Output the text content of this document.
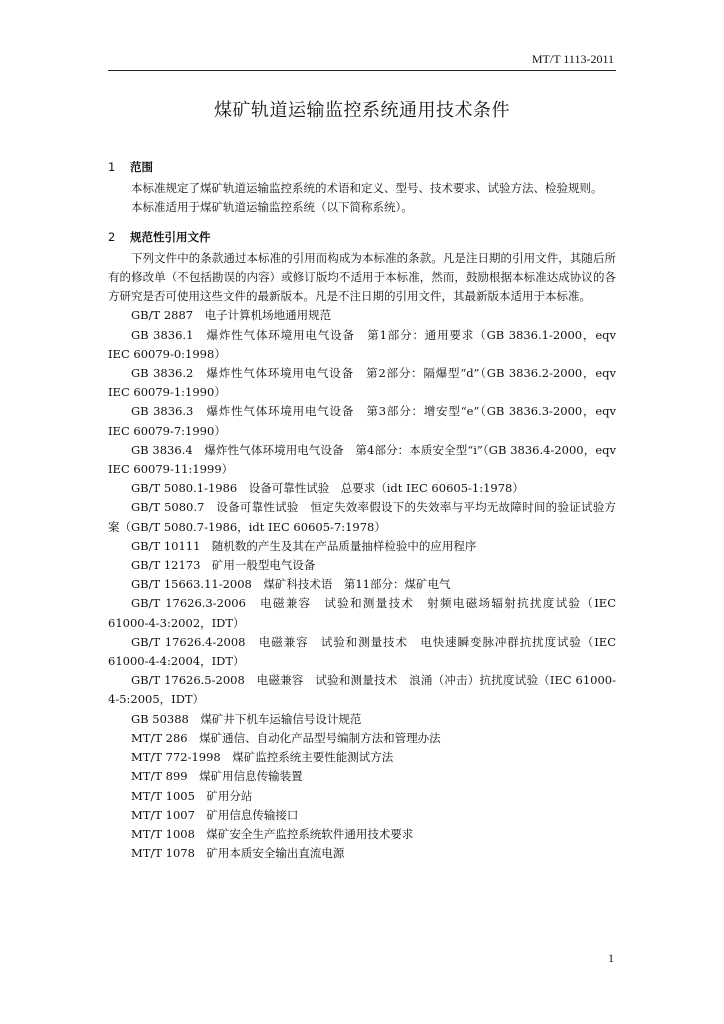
MT/T 1113-2011
煤矿轨道运输监控系统通用技术条件
1 范围

本标准规定了煤矿轨道运输监控系统的术语和定义、型号、技术要求、试验方法、检验规则。

本标准适用于煤矿轨道运输监控系统（以下简称系统）。

2 规范性引用文件

下列文件中的条款通过本标准的引用而构成为本标准的条款。凡是注日期的引用文件，其随后所有的修改单（不包括勘误的内容）或修订版均不适用于本标准，然而，鼓励根据本标准达成协议的各方研究是否可使用这些文件的最新版本。凡是不注日期的引用文件，其最新版本适用于本标准。

GB/T 2887　电子计算机场地通用规范
GB 3836.1　爆炸性气体环境用电气设备　第1部分：通用要求（GB 3836.1-2000，eqv IEC 60079-0:1998）
GB 3836.2　爆炸性气体环境用电气设备　第2部分：隔爆型“d”（GB 3836.2-2000，eqv IEC 60079-1:1990）
GB 3836.3　爆炸性气体环境用电气设备　第3部分：增安型“e”（GB 3836.3-2000，eqv IEC 60079-7:1990）
GB 3836.4　爆炸性气体环境用电气设备　第4部分：本质安全型“i”（GB 3836.4-2000，eqv IEC 60079-11:1999）
GB/T 5080.1-1986　设备可靠性试验　总要求（idt IEC 60605-1:1978）
GB/T 5080.7　设备可靠性试验　恒定失效率假设下的失效率与平均无故障时间的验证试验方案（GB/T 5080.7-1986，idt IEC 60605-7:1978）
GB/T 10111　随机数的产生及其在产品质量抽样检验中的应用程序
GB/T 12173　矿用一般型电气设备
GB/T 15663.11-2008　煤矿科技术语　第11部分：煤矿电气
GB/T 17626.3-2006　电磁兼容　试验和测量技术　射频电磁场辐射抗扰度试验（IEC 61000-4-3:2002，IDT）
GB/T 17626.4-2008　电磁兼容　试验和测量技术　电快速瞬变脉冲群抗扰度试验（IEC 61000-4-4:2004，IDT）
GB/T 17626.5-2008　电磁兼容　试验和测量技术　浪涌（冲击）抗扰度试验（IEC 61000-4-5:2005，IDT）
GB 50388　煤矿井下机车运输信号设计规范
MT/T 286　煤矿通信、自动化产品型号编制方法和管理办法
MT/T 772-1998　煤矿监控系统主要性能测试方法
MT/T 899　煤矿用信息传输装置
MT/T 1005　矿用分站
MT/T 1007　矿用信息传输接口
MT/T 1008　煤矿安全生产监控系统软件通用技术要求
MT/T 1078　矿用本质安全输出直流电源
1
